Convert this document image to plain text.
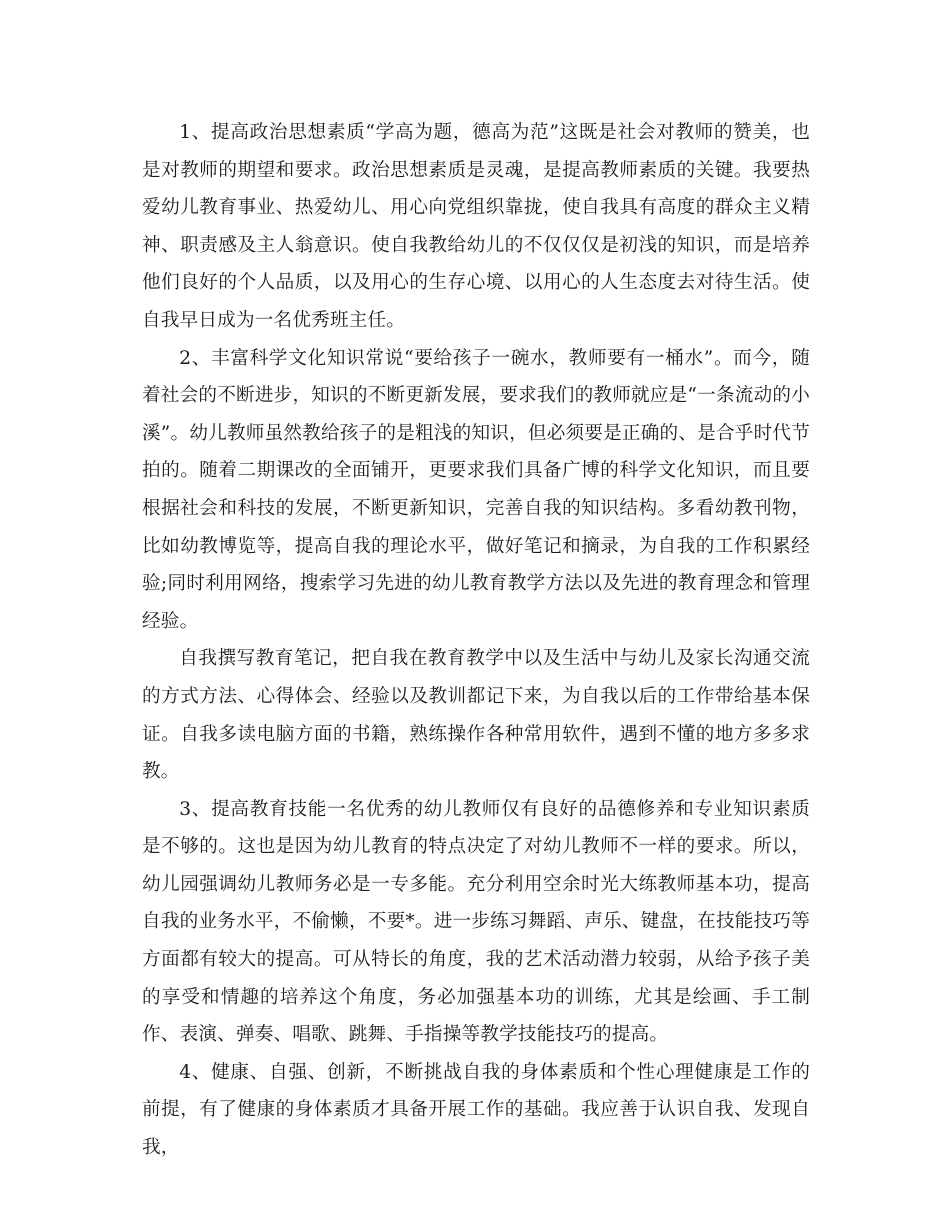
1、提高政治思想素质“学高为题，德高为范”这既是社会对教师的赞美，也是对教师的期望和要求。政治思想素质是灵魂，是提高教师素质的关键。我要热爱幼儿教育事业、热爱幼儿、用心向党组织靠拢，使自我具有高度的群众主义精神、职责感及主人翁意识。使自我教给幼儿的不仅仅仅是初浅的知识，而是培养他们良好的个人品质，以及用心的生存心境、以用心的人生态度去对待生活。使自我早日成为一名优秀班主任。

2、丰富科学文化知识常说“要给孩子一碗水，教师要有一桶水”。而今，随着社会的不断进步，知识的不断更新发展，要求我们的教师就应是“一条流动的小溪”。幼儿教师虽然教给孩子的是粗浅的知识，但必须要是正确的、是合乎时代节拍的。随着二期课改的全面铺开，更要求我们具备广博的科学文化知识，而且要根据社会和科技的发展，不断更新知识，完善自我的知识结构。多看幼教刊物，比如幼教博览等，提高自我的理论水平，做好笔记和摘录，为自我的工作积累经验;同时利用网络，搜索学习先进的幼儿教育教学方法以及先进的教育理念和管理经验。

自我撰写教育笔记，把自我在教育教学中以及生活中与幼儿及家长沟通交流的方式方法、心得体会、经验以及教训都记下来，为自我以后的工作带给基本保证。自我多读电脑方面的书籍，熟练操作各种常用软件，遇到不懂的地方多多求教。

3、提高教育技能一名优秀的幼儿教师仅有良好的品德修养和专业知识素质是不够的。这也是因为幼儿教育的特点决定了对幼儿教师不一样的要求。所以，幼儿园强调幼儿教师务必是一专多能。充分利用空余时光大练教师基本功，提高自我的业务水平，不偷懒，不要*。进一步练习舞蹈、声乐、键盘，在技能技巧等方面都有较大的提高。可从特长的角度，我的艺术活动潜力较弱，从给予孩子美的享受和情趣的培养这个角度，务必加强基本功的训练，尤其是绘画、手工制作、表演、弹奏、唱歌、跳舞、手指操等教学技能技巧的提高。

4、健康、自强、创新，不断挑战自我的身体素质和个性心理健康是工作的前提，有了健康的身体素质才具备开展工作的基础。我应善于认识自我、发现自我，
